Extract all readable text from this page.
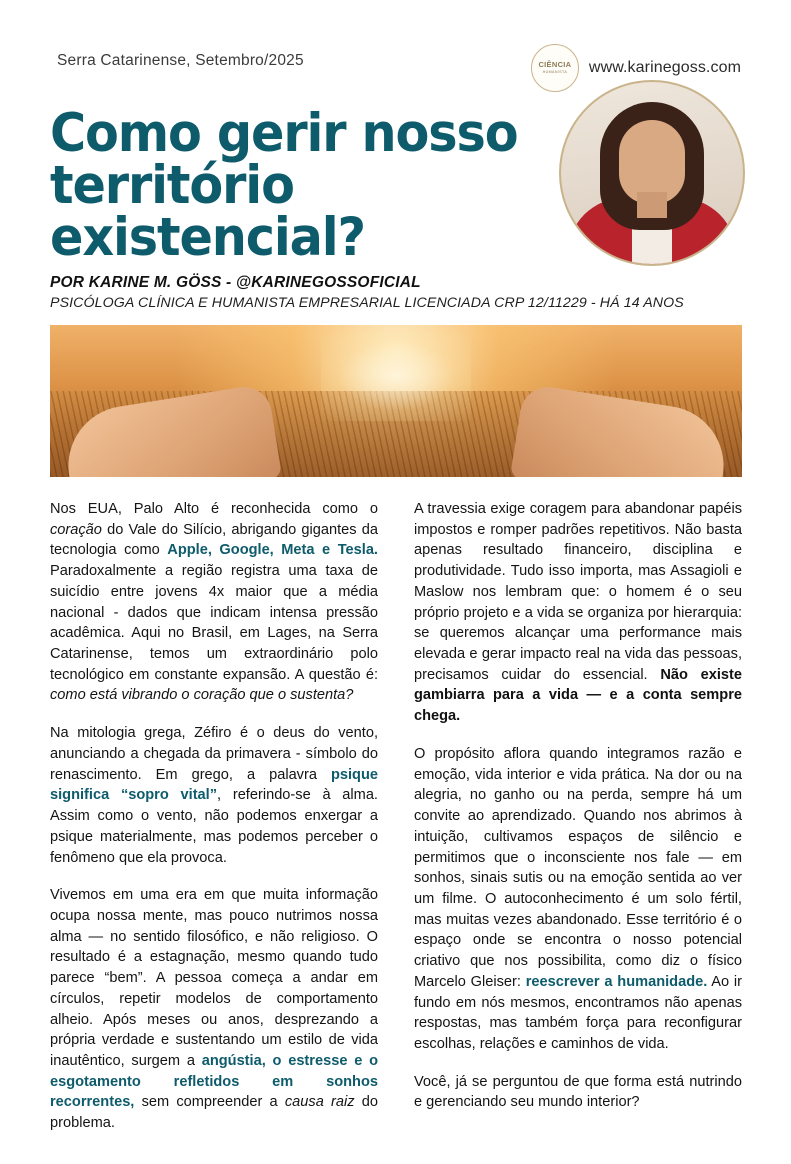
Serra Catarinense, Setembro/2025	CIÊNCIA
HUMANISTA www.karinegoss.com
Como gerir nosso
território existencial?
POR KARINE M. GÖSS - @KARINEGOSSOFICIAL
PSICÓLOGA CLÍNICA E HUMANISTA EMPRESARIAL LICENCIADA CRP 12/11229 - HÁ 14 ANOS

Nos EUA, Palo Alto é reconhecida como o coração do Vale do Silício, abrigando gigantes da tecnologia como Apple, Google, Meta e Tesla. Paradoxalmente a região registra uma taxa de suicídio entre jovens 4x maior que a média nacional - dados que indicam intensa pressão acadêmica. Aqui no Brasil, em Lages, na Serra Catarinense, temos um extraordinário polo tecnológico em constante expansão. A questão é: como está vibrando o coração que o sustenta?

Na mitologia grega, Zéfiro é o deus do vento, anunciando a chegada da primavera - símbolo do renascimento. Em grego, a palavra psique significa “sopro vital”, referindo-se à alma. Assim como o vento, não podemos enxergar a psique materialmente, mas podemos perceber o fenômeno que ela provoca.

Vivemos em uma era em que muita informação ocupa nossa mente, mas pouco nutrimos nossa alma — no sentido filosófico, e não religioso. O resultado é a estagnação, mesmo quando tudo parece “bem”. A pessoa começa a andar em círculos, repetir modelos de comportamento alheio. Após meses ou anos, desprezando a própria verdade e sustentando um estilo de vida inautêntico, surgem a angústia, o estresse e o esgotamento refletidos em sonhos recorrentes, sem compreender a causa raiz do problema.

A travessia exige coragem para abandonar papéis impostos e romper padrões repetitivos. Não basta apenas resultado financeiro, disciplina e produtividade. Tudo isso importa, mas Assagioli e Maslow nos lembram que: o homem é o seu próprio projeto e a vida se organiza por hierarquia: se queremos alcançar uma performance mais elevada e gerar impacto real na vida das pessoas, precisamos cuidar do essencial. Não existe gambiarra para a vida — e a conta sempre chega.

O propósito aflora quando integramos razão e emoção, vida interior e vida prática. Na dor ou na alegria, no ganho ou na perda, sempre há um convite ao aprendizado. Quando nos abrimos à intuição, cultivamos espaços de silêncio e permitimos que o inconsciente nos fale — em sonhos, sinais sutis ou na emoção sentida ao ver um filme. O autoconhecimento é um solo fértil, mas muitas vezes abandonado. Esse território é o espaço onde se encontra o nosso potencial criativo que nos possibilita, como diz o físico Marcelo Gleiser: reescrever a humanidade. Ao ir fundo em nós mesmos, encontramos não apenas respostas, mas também força para reconfigurar escolhas, relações e caminhos de vida.

Você, já se perguntou de que forma está nutrindo e gerenciando seu mundo interior?
